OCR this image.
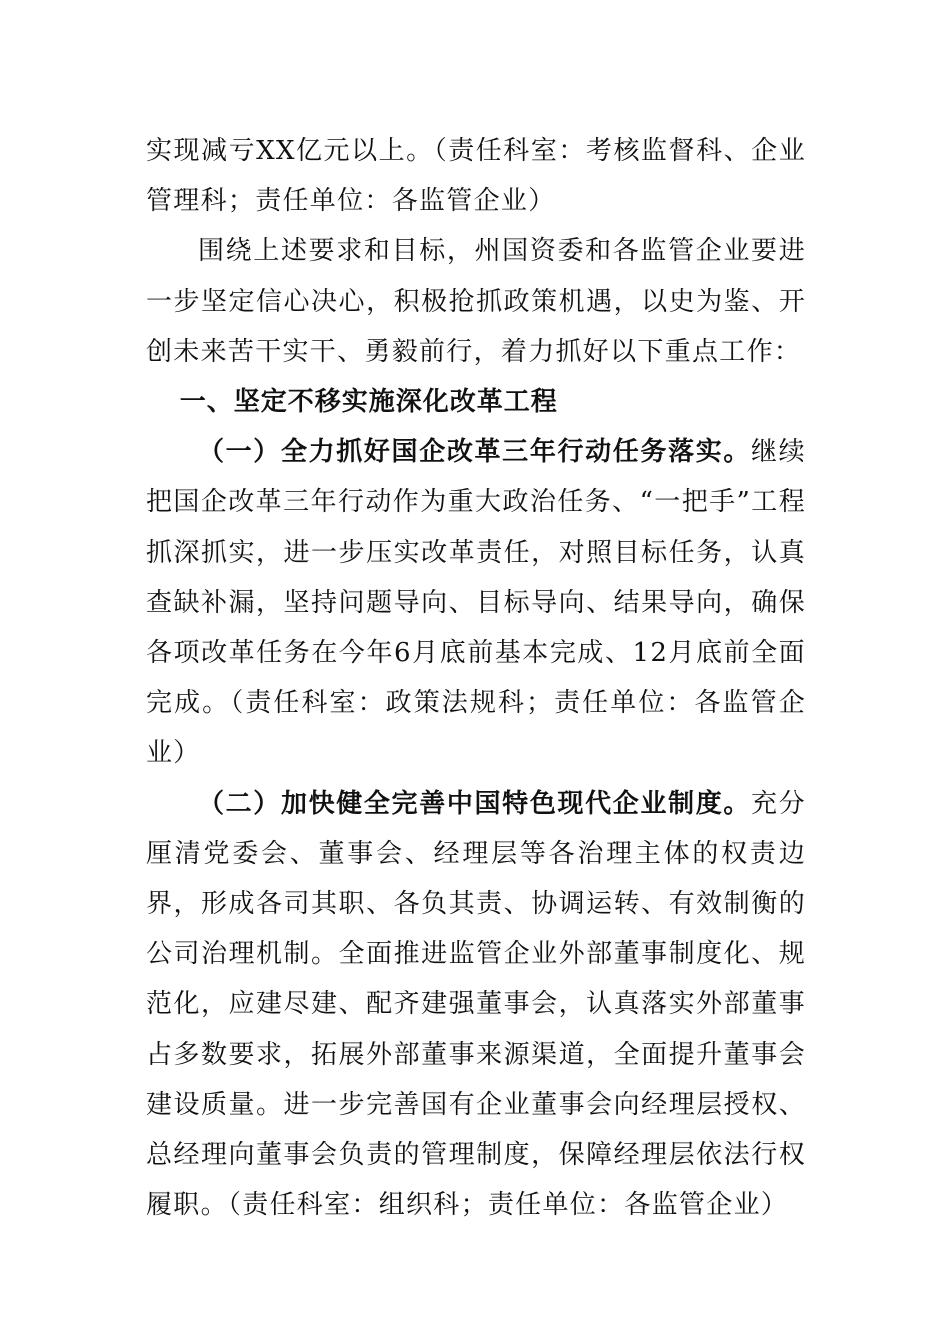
实现减亏XX亿元以上。（责任科室：考核监督科、企业管理科；责任单位：各监管企业）

围绕上述要求和目标，州国资委和各监管企业要进一步坚定信心决心，积极抢抓政策机遇，以史为鉴、开创未来苦干实干、勇毅前行，着力抓好以下重点工作：

一、坚定不移实施深化改革工程

（一）全力抓好国企改革三年行动任务落实。继续把国企改革三年行动作为重大政治任务、“一把手”工程抓深抓实，进一步压实改革责任，对照目标任务，认真查缺补漏，坚持问题导向、目标导向、结果导向，确保各项改革任务在今年6月底前基本完成、12月底前全面完成。（责任科室：政策法规科；责任单位：各监管企业）

（二）加快健全完善中国特色现代企业制度。充分厘清党委会、董事会、经理层等各治理主体的权责边界，形成各司其职、各负其责、协调运转、有效制衡的公司治理机制。全面推进监管企业外部董事制度化、规范化，应建尽建、配齐建强董事会，认真落实外部董事占多数要求，拓展外部董事来源渠道，全面提升董事会建设质量。进一步完善国有企业董事会向经理层授权、总经理向董事会负责的管理制度，保障经理层依法行权履职。（责任科室：组织科；责任单位：各监管企业）
